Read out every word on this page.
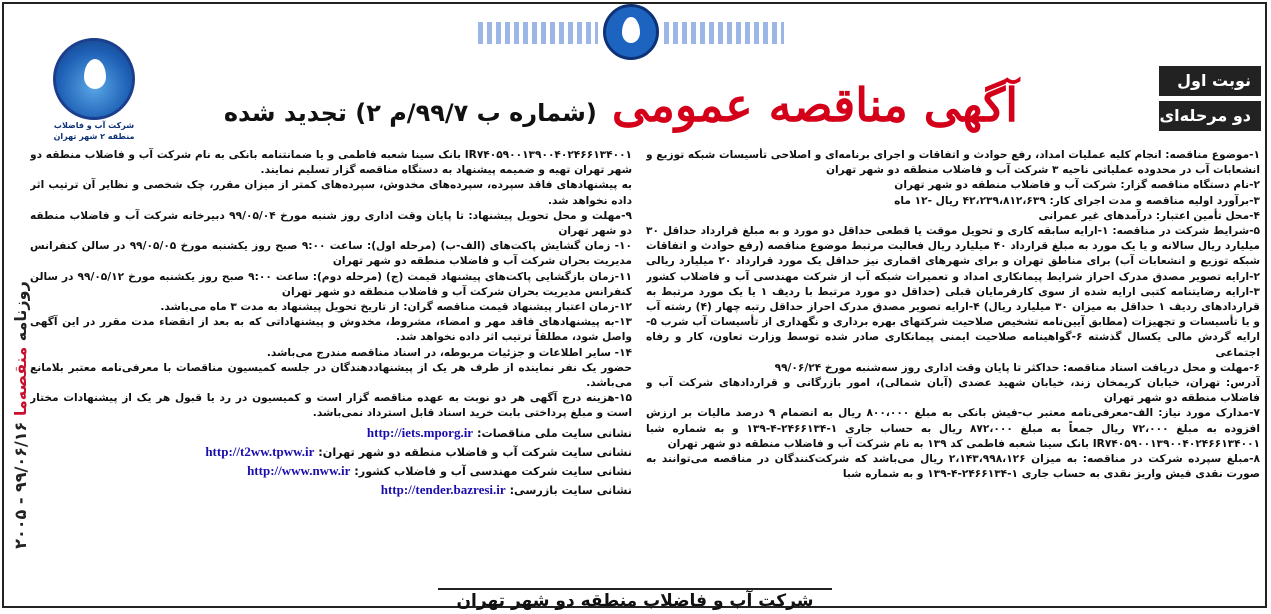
روزنامه منقصه‌ما ۹۹/۰۶/۱۶ - ۲۰۰۵
شرکت آب و فاضلاب
منطقه ۲ شهر تهران
آگهی مناقصه عمومی (شماره ب ۹۹/۷/م ۲) تجدید شده
نوبت اول
دو مرحله‌ای

۱-موضوع مناقصه: انجام کلیه عملیات امداد، رفع حوادث و اتفاقات و اجرای برنامه‌ای و اصلاحی تأسیسات شبکه توزیع و انشعابات آب در محدوده عملیاتی ناحیه ۳ شرکت آب و فاضلاب منطقه دو شهر تهران

۲-نام دستگاه مناقصه گزار: شرکت آب و فاضلاب منطقه دو شهر تهران

۳-برآورد اولیه مناقصه و مدت اجرای کار: ۴۲،۲۳۹،۸۱۲،۶۳۹ ریال -۱۲ ماه

۴-محل تأمین اعتبار: درآمدهای غیر عمرانی

۵-شرایط شرکت در مناقصه: ۱-ارایه سابقه کاری و تحویل موقت یا قطعی حداقل دو مورد و به مبلغ قرارداد حداقل ۳۰ میلیارد ریال سالانه و یا یک مورد به مبلغ قرارداد ۴۰ میلیارد ریال فعالیت مرتبط موضوع مناقصه (رفع حوادث و اتفاقات شبکه توزیع و انشعابات آب) برای مناطق تهران و برای شهرهای اقماری نیز حداقل یک مورد قرارداد ۲۰ میلیارد ریالی ۲-ارایه تصویر مصدق مدرک احراز شرایط پیمانکاری امداد و تعمیرات شبکه آب از شرکت مهندسی آب و فاضلاب کشور ۳-ارایه رضایتنامه کتبی ارایه شده از سوی کارفرمایان قبلی (حداقل دو مورد مرتبط با ردیف ۱ یا یک مورد مرتبط به قراردادهای ردیف ۱ حداقل به میزان ۳۰ میلیارد ریال) ۴-ارایه تصویر مصدق مدرک احراز حداقل رتبه چهار (۴) رشته آب و یا تأسیسات و تجهیزات (مطابق آیین‌نامه تشخیص صلاحیت شرکتهای بهره برداری و نگهداری از تأسیسات آب شرب ۵-ارایه گردش مالی یکسال گذشته ۶-گواهینامه صلاحیت ایمنی پیمانکاری صادر شده توسط وزارت تعاون، کار و رفاه اجتماعی

۶-مهلت و محل دریافت اسناد مناقصه: حداکثر تا پایان وقت اداری روز سه‌شنبه مورخ ۹۹/۰۶/۲۴

آدرس: تهران، خیابان کریمخان زند، خیابان شهید عضدی (آبان شمالی)، امور بازرگانی و قراردادهای شرکت آب و فاضلاب منطقه دو شهر تهران

۷-مدارک مورد نیاز: الف-معرفی‌نامه معتبر ب-فیش بانکی به مبلغ ۸۰۰،۰۰۰ ریال به انضمام ۹ درصد مالیات بر ارزش افزوده به مبلغ ۷۲،۰۰۰ ریال جمعاً به مبلغ ۸۷۲،۰۰۰ ریال به حساب جاری ۱-۲۴۶۶۱۳۴-۴-۱۳۹ و به شماره شبا IR۷۴۰۵۹۰۰۱۳۹۰۰۴۰۲۴۶۶۱۳۴۰۰۱ بانک سینا شعبه فاطمی کد ۱۳۹ به نام شرکت آب و فاضلاب منطقه دو شهر تهران

۸-مبلغ سپرده شرکت در مناقصه: به میزان ۲،۱۴۳،۹۹۸،۱۲۶ ریال می‌باشد که شرکت‌کنندگان در مناقصه می‌توانند به صورت نقدی فیش واریز نقدی به حساب جاری ۱-۲۴۶۶۱۳۴-۴-۱۳۹ و به شماره شبا

IR۷۴۰۵۹۰۰۱۳۹۰۰۴۰۲۴۶۶۱۳۴۰۰۱ بانک سینا شعبه فاطمی و یا ضمانتنامه بانکی به نام شرکت آب و فاضلاب منطقه دو شهر تهران تهیه و ضمیمه پیشنهاد به دستگاه مناقصه گزار تسلیم نمایند.

به پیشنهادهای فاقد سپرده، سپرده‌های مخدوش، سپرده‌های کمتر از میزان مقرر، چک شخصی و نظایر آن ترتیب اثر داده نخواهد شد.

۹-مهلت و محل تحویل پیشنهاد: تا پایان وقت اداری روز شنبه مورخ ۹۹/۰۵/۰۴ دبیرخانه شرکت آب و فاضلاب منطقه دو شهر تهران

۱۰- زمان گشایش پاکت‌های (الف-ب) (مرحله اول): ساعت ۹:۰۰ صبح روز یکشنبه مورخ ۹۹/۰۵/۰۵ در سالن کنفرانس مدیریت بحران شرکت آب و فاضلاب منطقه دو شهر تهران

۱۱-زمان بازگشایی پاکت‌های پیشنهاد قیمت (ج) (مرحله دوم): ساعت ۹:۰۰ صبح روز یکشنبه مورخ ۹۹/۰۵/۱۲ در سالن کنفرانس مدیریت بحران شرکت آب و فاضلاب منطقه دو شهر تهران

۱۲-زمان اعتبار پیشنهاد قیمت مناقصه گران: از تاریخ تحویل پیشنهاد به مدت ۳ ماه می‌باشد.

۱۳-به پیشنهادهای فاقد مهر و امضاء، مشروط، مخدوش و پیشنهاداتی که به بعد از انقضاء مدت مقرر در این آگهی واصل شود، مطلقاً ترتیب اثر داده نخواهد شد.

۱۴- سایر اطلاعات و جزئیات مربوطه، در اسناد مناقصه مندرج می‌باشد.

حضور یک نفر نماینده از طرف هر یک از پیشنهاددهندگان در جلسه کمیسیون مناقصات با معرفی‌نامه معتبر بلامانع می‌باشد.

۱۵-هزینه درج آگهی هر دو نوبت به عهده مناقصه گزار است و کمیسیون در رد یا قبول هر یک از پیشنهادات مختار است و مبلغ پرداختی بابت خرید اسناد قابل استرداد نمی‌باشد.

نشانی سایت ملی مناقصات: http://iets.mporg.ir
نشانی سایت شرکت آب و فاضلاب منطقه دو شهر تهران: http://t2ww.tpww.ir
نشانی سایت شرکت مهندسی آب و فاضلاب کشور: http://www.nww.ir
نشانی سایت بازرسی: http://tender.bazresi.ir
شرکت آب و فاضلاب منطقه دو شهر تهران
